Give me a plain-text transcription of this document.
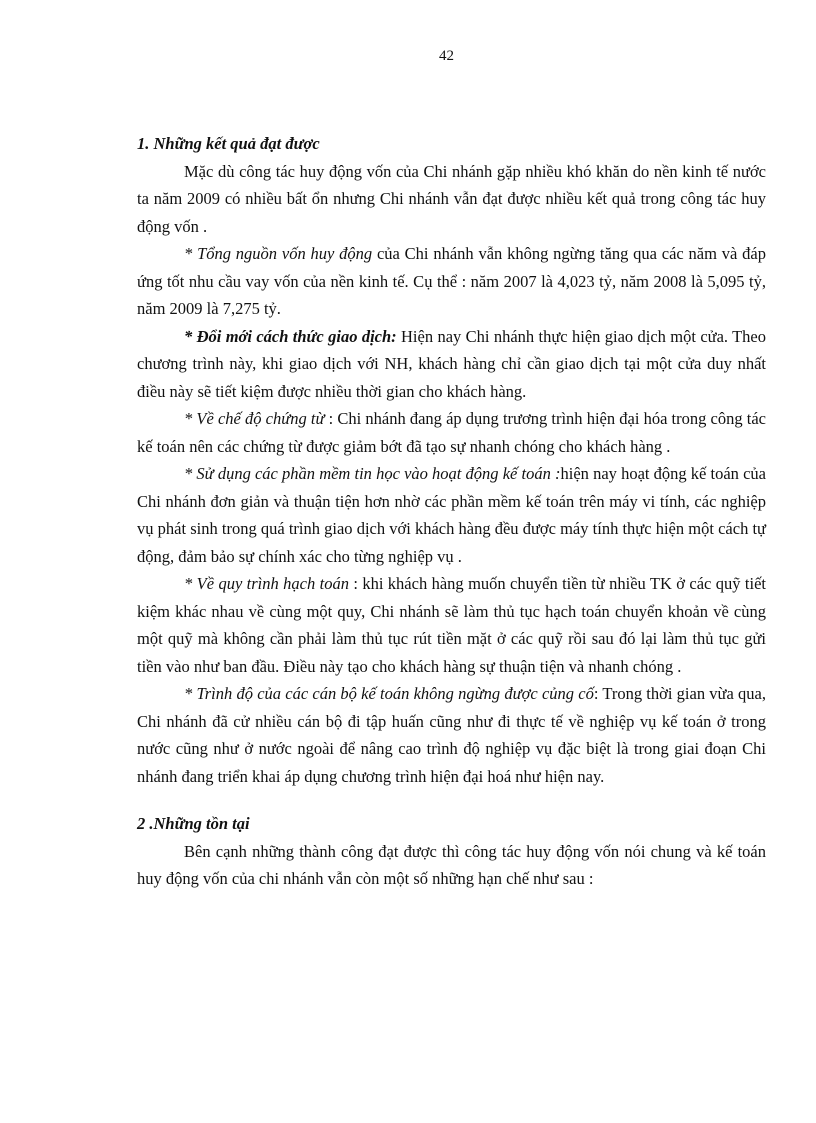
42
1. Những kết quả đạt được

Mặc dù công tác huy động vốn của Chi nhánh gặp nhiều khó khăn do nền kinh tế nước ta năm 2009 có nhiều bất ổn nhưng Chi nhánh vẫn đạt được nhiều kết quả trong công tác huy động vốn .

* Tổng nguồn vốn huy động của Chi nhánh vẫn không ngừng tăng qua các năm và đáp ứng tốt nhu cầu vay vốn của nền kinh tế. Cụ thể : năm 2007 là 4,023 tỷ, năm 2008 là 5,095 tỷ, năm 2009 là 7,275 tỷ.

* Đổi mới cách thức giao dịch: Hiện nay Chi nhánh thực hiện giao dịch một cửa. Theo chương trình này, khi giao dịch với NH, khách hàng chỉ cần giao dịch tại một cửa duy nhất điều này sẽ tiết kiệm được nhiều thời gian cho khách hàng.

* Về chế độ chứng từ : Chi nhánh đang áp dụng trương trình hiện đại hóa trong công tác kế toán nên các chứng từ được giảm bớt đã tạo sự nhanh chóng cho khách hàng .

* Sử dụng các phần mềm tin học vào hoạt động kế toán :hiện nay hoạt động kế toán của Chi nhánh đơn giản và thuận tiện hơn nhờ các phần mềm kế toán trên máy vi tính, các nghiệp vụ phát sinh trong quá trình giao dịch với khách hàng đều được máy tính thực hiện một cách tự động, đảm bảo sự chính xác cho từng nghiệp vụ .

* Về quy trình hạch toán : khi khách hàng muốn chuyển tiền từ nhiều TK ở các quỹ tiết kiệm khác nhau về cùng một quy, Chi nhánh sẽ làm thủ tục hạch toán chuyển khoản về cùng một quỹ mà không cần phải làm thủ tục rút tiền mặt ở các quỹ rồi sau đó lại làm thủ tục gửi tiền vào như ban đầu. Điều này tạo cho khách hàng sự thuận tiện và nhanh chóng .

* Trình độ của các cán bộ kế toán không ngừng được củng cố: Trong thời gian vừa qua, Chi nhánh đã cử nhiều cán bộ đi tập huấn cũng như đi thực tế về nghiệp vụ kế toán ở trong nước cũng như ở nước ngoài để nâng cao trình độ nghiệp vụ đặc biệt là trong giai đoạn Chi nhánh đang triển khai áp dụng chương trình hiện đại hoá như hiện nay.

2 .Những tồn tại

Bên cạnh những thành công đạt được thì công tác huy động vốn nói chung và kế toán huy động vốn của chi nhánh vẫn còn một số những hạn chế như sau :
